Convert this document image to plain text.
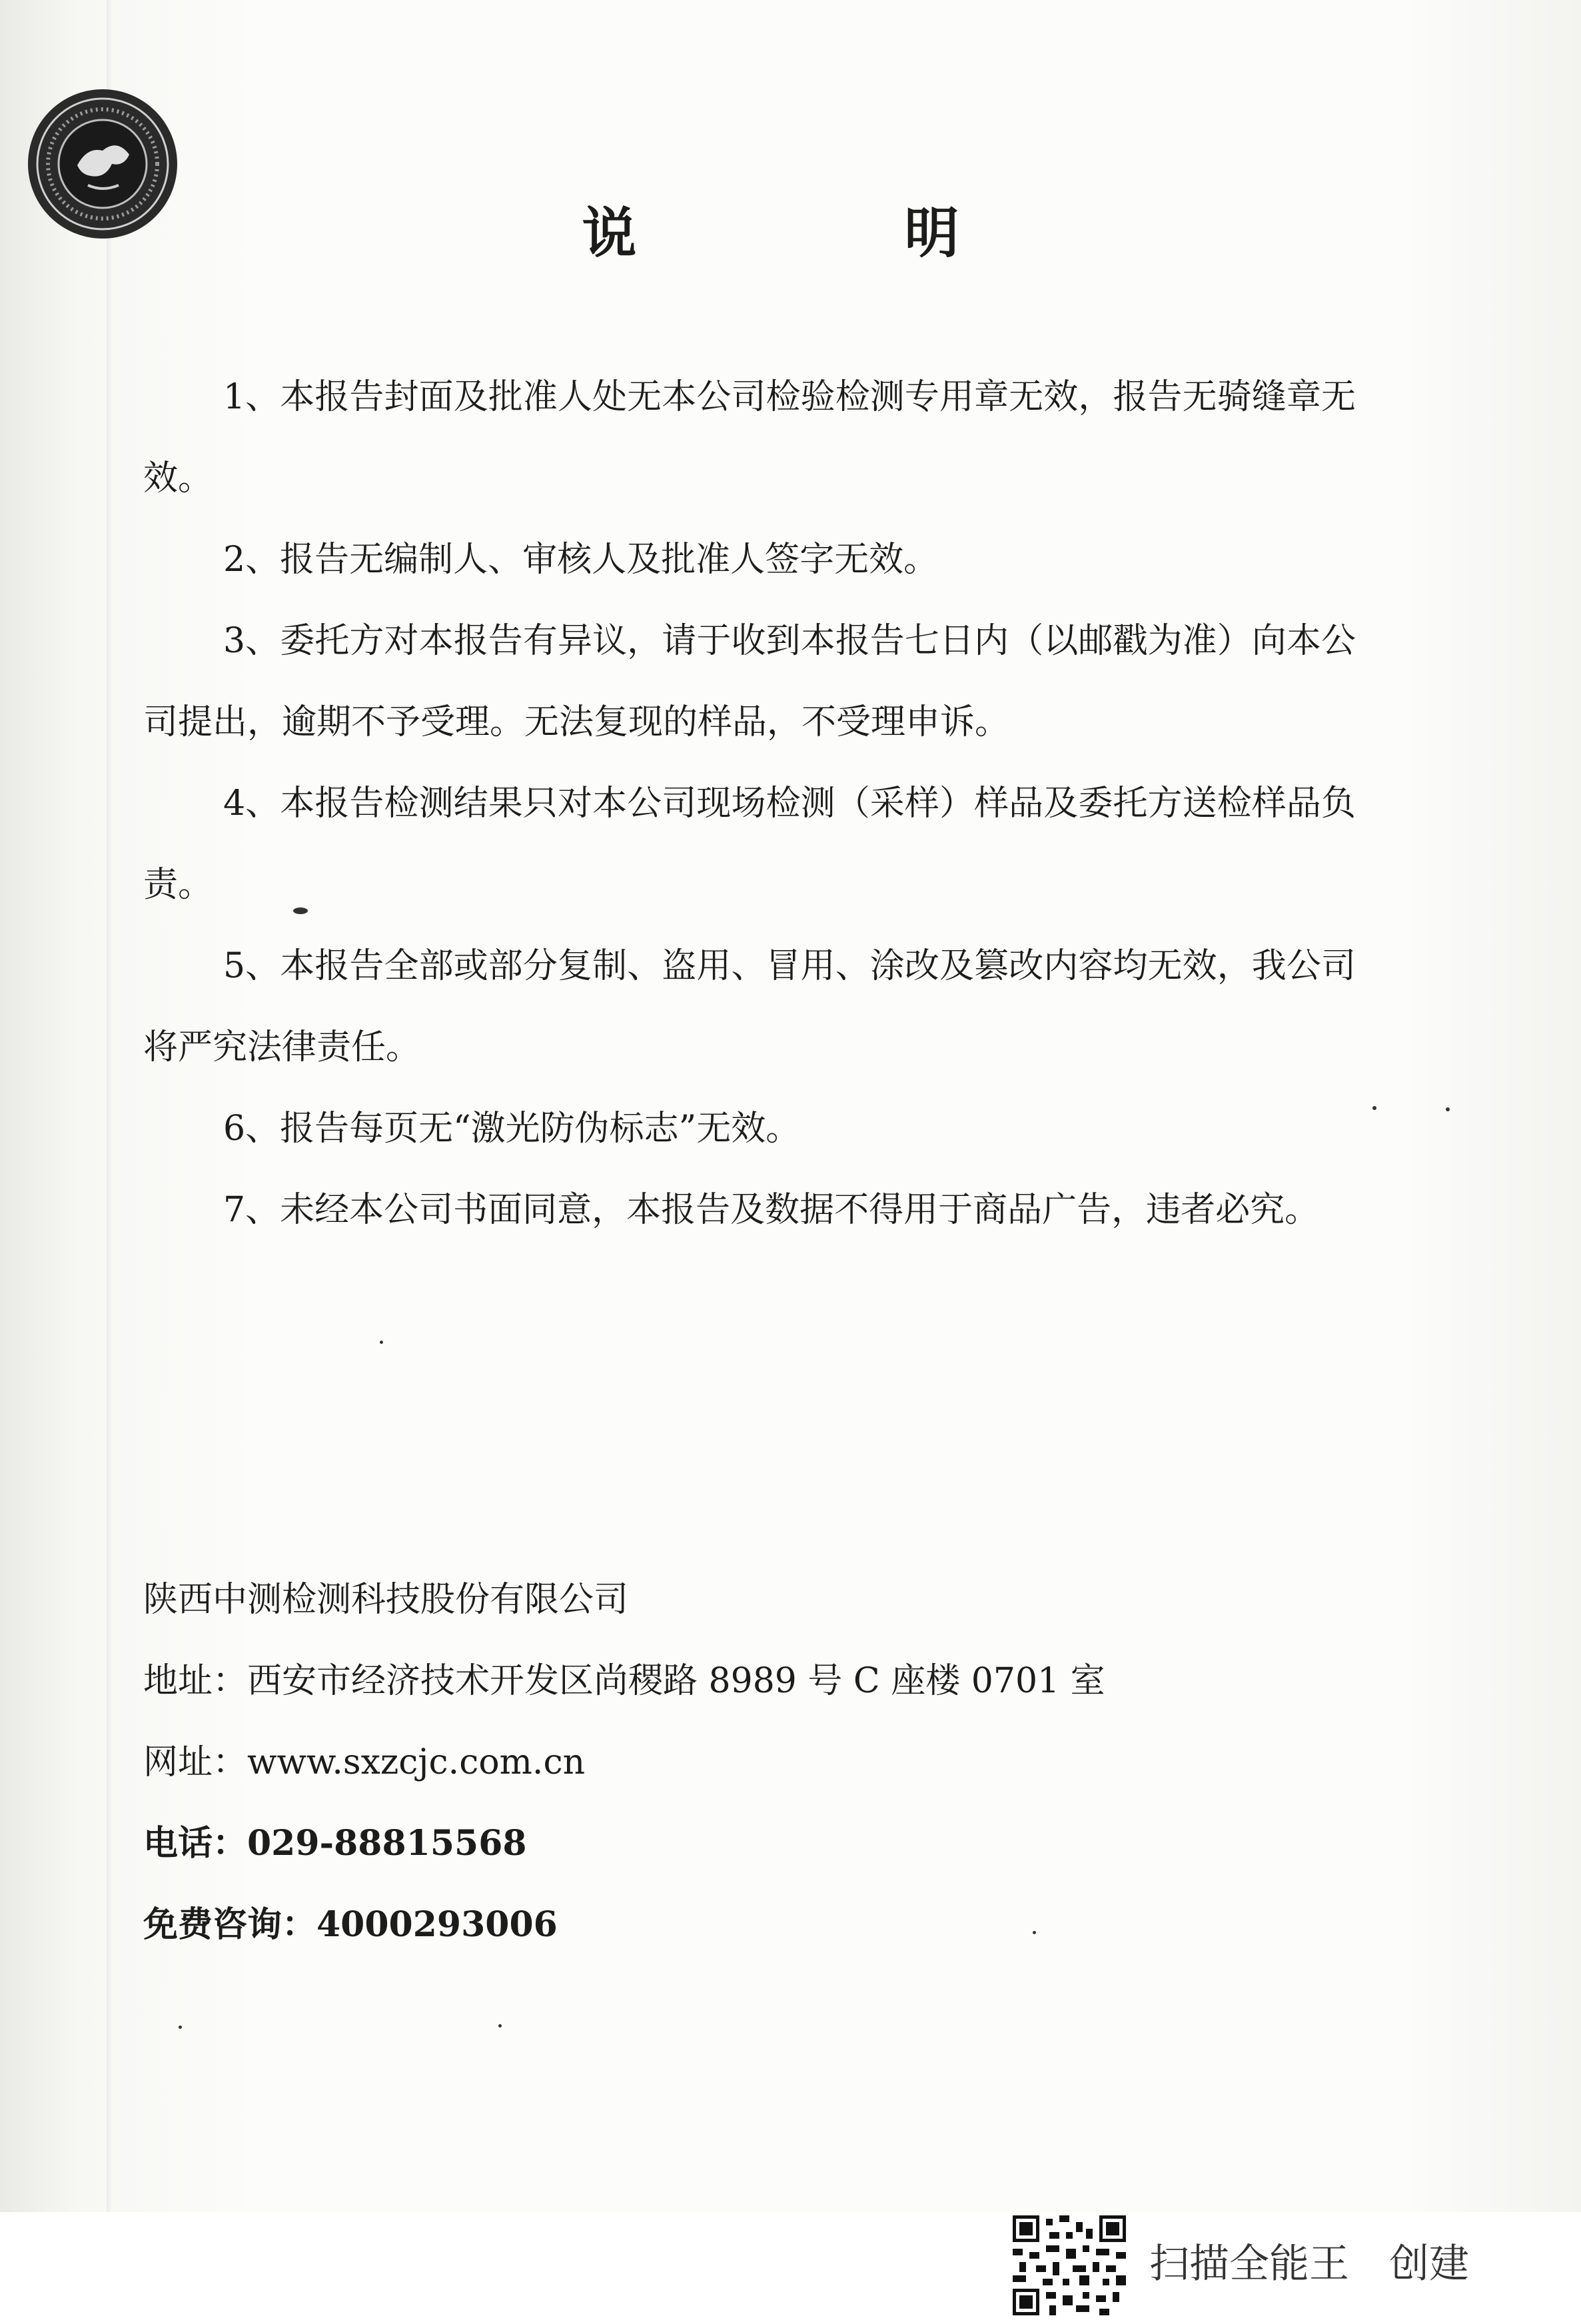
说　明

1、本报告封面及批准人处无本公司检验检测专用章无效，报告无骑缝章无效。

2、报告无编制人、审核人及批准人签字无效。

3、委托方对本报告有异议，请于收到本报告七日内（以邮戳为准）向本公司提出，逾期不予受理。无法复现的样品，不受理申诉。

4、本报告检测结果只对本公司现场检测（采样）样品及委托方送检样品负责。

5、本报告全部或部分复制、盗用、冒用、涂改及篡改内容均无效，我公司将严究法律责任。

6、报告每页无“激光防伪标志”无效。

7、未经本公司书面同意，本报告及数据不得用于商品广告，违者必究。

陕西中测检测科技股份有限公司
地址：西安市经济技术开发区尚稷路 8989 号 C 座楼 0701 室
网址：www.sxzcjc.com.cn
电话：029-88815568
免费咨询：4000293006
扫描全能王　创建
